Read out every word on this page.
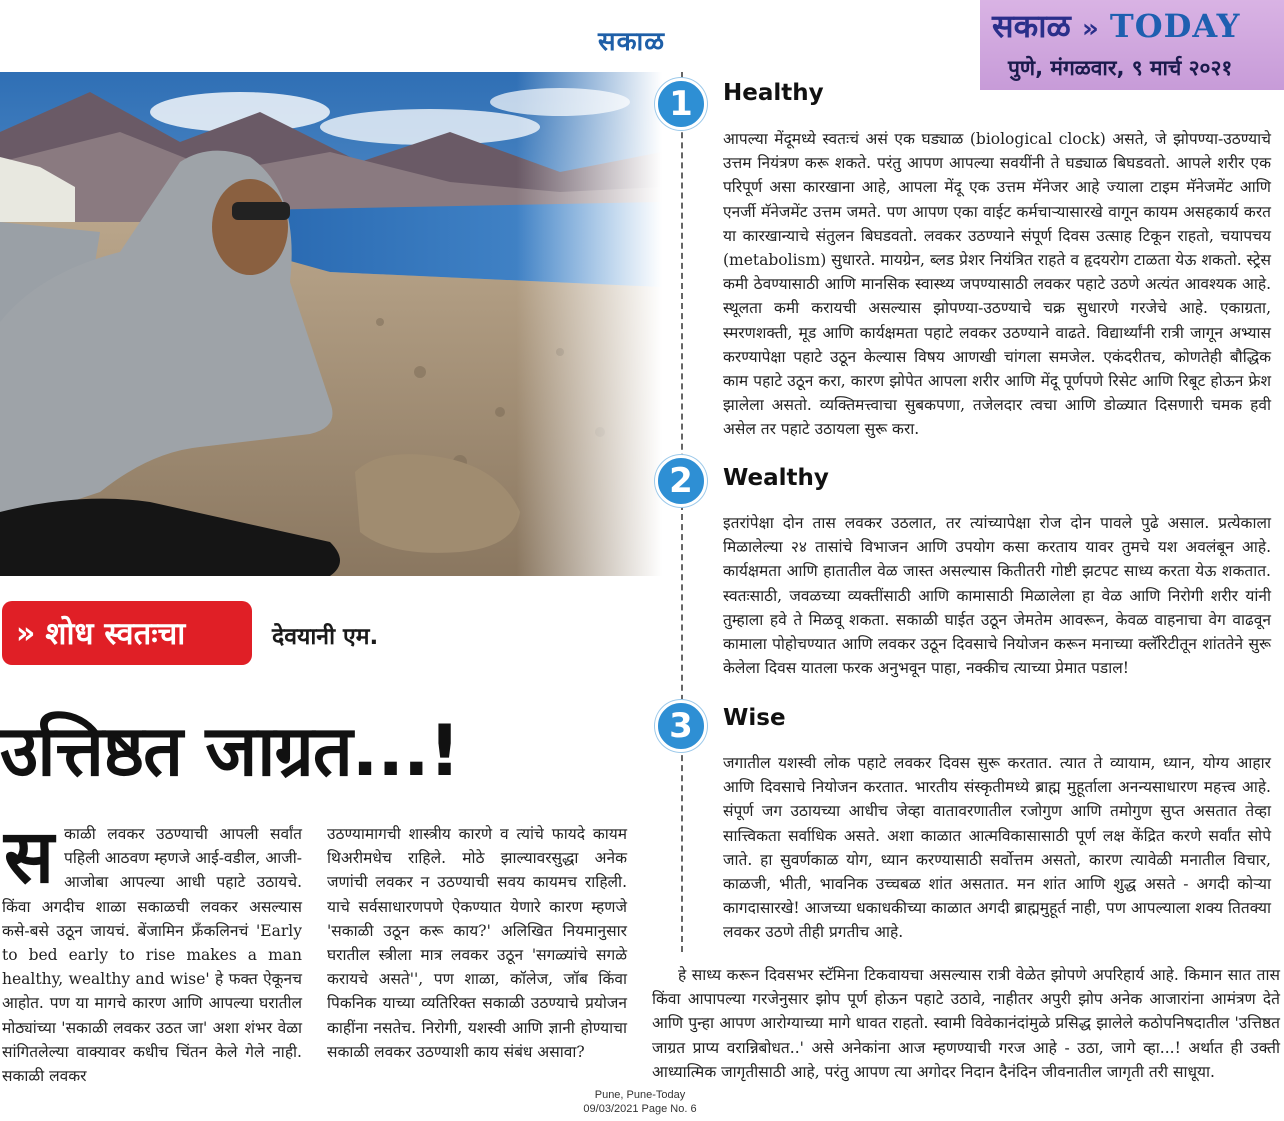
सकाळ	सकाळ » TODAY
पुणे, मंगळवार, ९ मार्च २०२१
» शोध स्वतःचा	देवयानी एम.
उत्तिष्ठत जाग्रत...!
स काळी लवकर उठण्याची आपली सर्वांत पहिली आठवण म्हणजे आई-वडील, आजी-आजोबा आपल्या आधी पहाटे उठायचे. किंवा अगदीच शाळा सकाळची लवकर असल्यास कसे-बसे उठून जायचं. बेंजामिन फ्रँकलिनचं 'Early to bed early to rise makes a man healthy, wealthy and wise' हे फक्त ऐकूनच आहोत. पण या मागचे कारण आणि आपल्या घरातील मोठ्यांच्या 'सकाळी लवकर उठत जा' अशा शंभर वेळा सांगितलेल्या वाक्यावर कधीच चिंतन केले गेले नाही. सकाळी लवकर
उठण्यामागची शास्त्रीय कारणे व त्यांचे फायदे कायम थिअरीमधेच राहिले. मोठे झाल्यावरसुद्धा अनेक जणांची लवकर न उठण्याची सवय कायमच राहिली. याचे सर्वसाधारणपणे ऐकण्यात येणारे कारण म्हणजे 'सकाळी उठून करू काय?' अलिखित नियमानुसार घरातील स्त्रीला मात्र लवकर उठून 'सगळ्यांचे सगळे करायचे असते'', पण शाळा, कॉलेज, जॉब किंवा पिकनिक याच्या व्यतिरिक्त सकाळी उठण्याचे प्रयोजन काहींना नसतेच. निरोगी, यशस्वी आणि ज्ञानी होण्याचा सकाळी लवकर उठण्याशी काय संबंध असावा?
1	Healthy
आपल्या मेंदूमध्ये स्वतःचं असं एक घड्याळ (biological clock) असते, जे झोपण्या-उठण्याचे उत्तम नियंत्रण करू शकते. परंतु आपण आपल्या सवयींनी ते घड्याळ बिघडवतो. आपले शरीर एक परिपूर्ण असा कारखाना आहे, आपला मेंदू एक उत्तम मॅनेजर आहे ज्याला टाइम मॅनेजमेंट आणि एनर्जी मॅनेजमेंट उत्तम जमते. पण आपण एका वाईट कर्मचाऱ्यासारखे वागून कायम असहकार्य करत या कारखान्याचे संतुलन बिघडवतो. लवकर उठण्याने संपूर्ण दिवस उत्साह टिकून राहतो, चयापचय (metabolism) सुधारते. मायग्रेन, ब्लड प्रेशर नियंत्रित राहते व हृदयरोग टाळता येऊ शकतो. स्ट्रेस कमी ठेवण्यासाठी आणि मानसिक स्वास्थ्य जपण्यासाठी लवकर पहाटे उठणे अत्यंत आवश्यक आहे. स्थूलता कमी करायची असल्यास झोपण्या-उठण्याचे चक्र सुधारणे गरजेचे आहे. एकाग्रता, स्मरणशक्ती, मूड आणि कार्यक्षमता पहाटे लवकर उठण्याने वाढते. विद्यार्थ्यांनी रात्री जागून अभ्यास करण्यापेक्षा पहाटे उठून केल्यास विषय आणखी चांगला समजेल. एकंदरीतच, कोणतेही बौद्धिक काम पहाटे उठून करा, कारण झोपेत आपला शरीर आणि मेंदू पूर्णपणे रिसेट आणि रिबूट होऊन फ्रेश झालेला असतो. व्यक्तिमत्त्वाचा सुबकपणा, तजेलदार त्वचा आणि डोळ्यात दिसणारी चमक हवी असेल तर पहाटे उठायला सुरू करा.
2	Wealthy
इतरांपेक्षा दोन तास लवकर उठलात, तर त्यांच्यापेक्षा रोज दोन पावले पुढे असाल. प्रत्येकाला मिळालेल्या २४ तासांचे विभाजन आणि उपयोग कसा करताय यावर तुमचे यश अवलंबून आहे. कार्यक्षमता आणि हातातील वेळ जास्त असल्यास कितीतरी गोष्टी झटपट साध्य करता येऊ शकतात. स्वतःसाठी, जवळच्या व्यक्तींसाठी आणि कामासाठी मिळालेला हा वेळ आणि निरोगी शरीर यांनी तुम्हाला हवे ते मिळवू शकता. सकाळी घाईत उठून जेमतेम आवरून, केवळ वाहनाचा वेग वाढवून कामाला पोहोचण्यात आणि लवकर उठून दिवसाचे नियोजन करून मनाच्या क्लॅरिटीतून शांततेने सुरू केलेला दिवस यातला फरक अनुभवून पाहा, नक्कीच त्याच्या प्रेमात पडाल!
3	Wise
जगातील यशस्वी लोक पहाटे लवकर दिवस सुरू करतात. त्यात ते व्यायाम, ध्यान, योग्य आहार आणि दिवसाचे नियोजन करतात. भारतीय संस्कृतीमध्ये ब्राह्म मुहूर्ताला अनन्यसाधारण महत्त्व आहे. संपूर्ण जग उठायच्या आधीच जेव्हा वातावरणातील रजोगुण आणि तमोगुण सुप्त असतात तेव्हा सात्त्विकता सर्वाधिक असते. अशा काळात आत्मविकासासाठी पूर्ण लक्ष केंद्रित करणे सर्वांत सोपे जाते. हा सुवर्णकाळ योग, ध्यान करण्यासाठी सर्वोत्तम असतो, कारण त्यावेळी मनातील विचार, काळजी, भीती, भावनिक उच्चबळ शांत असतात. मन शांत आणि शुद्ध असते - अगदी कोऱ्या कागदासारखे! आजच्या धकाधकीच्या काळात अगदी ब्राह्ममुहूर्त नाही, पण आपल्याला शक्य तितक्या लवकर उठणे तीही प्रगतीच आहे.
हे साध्य करून दिवसभर स्टॅमिना टिकवायचा असल्यास रात्री वेळेत झोपणे अपरिहार्य आहे. किमान सात तास किंवा आपापल्या गरजेनुसार झोप पूर्ण होऊन पहाटे उठावे, नाहीतर अपुरी झोप अनेक आजारांना आमंत्रण देते आणि पुन्हा आपण आरोग्याच्या मागे धावत राहतो. स्वामी विवेकानंदांमुळे प्रसिद्ध झालेले कठोपनिषदातील 'उत्तिष्ठत जाग्रत प्राप्य वरान्निबोधत..' असे अनेकांना आज म्हणण्याची गरज आहे - उठा, जागे व्हा...! अर्थात ही उक्ती आध्यात्मिक जागृतीसाठी आहे, परंतु आपण त्या अगोदर निदान दैनंदिन जीवनातील जागृती तरी साधूया.
Pune, Pune-Today
09/03/2021 Page No. 6
